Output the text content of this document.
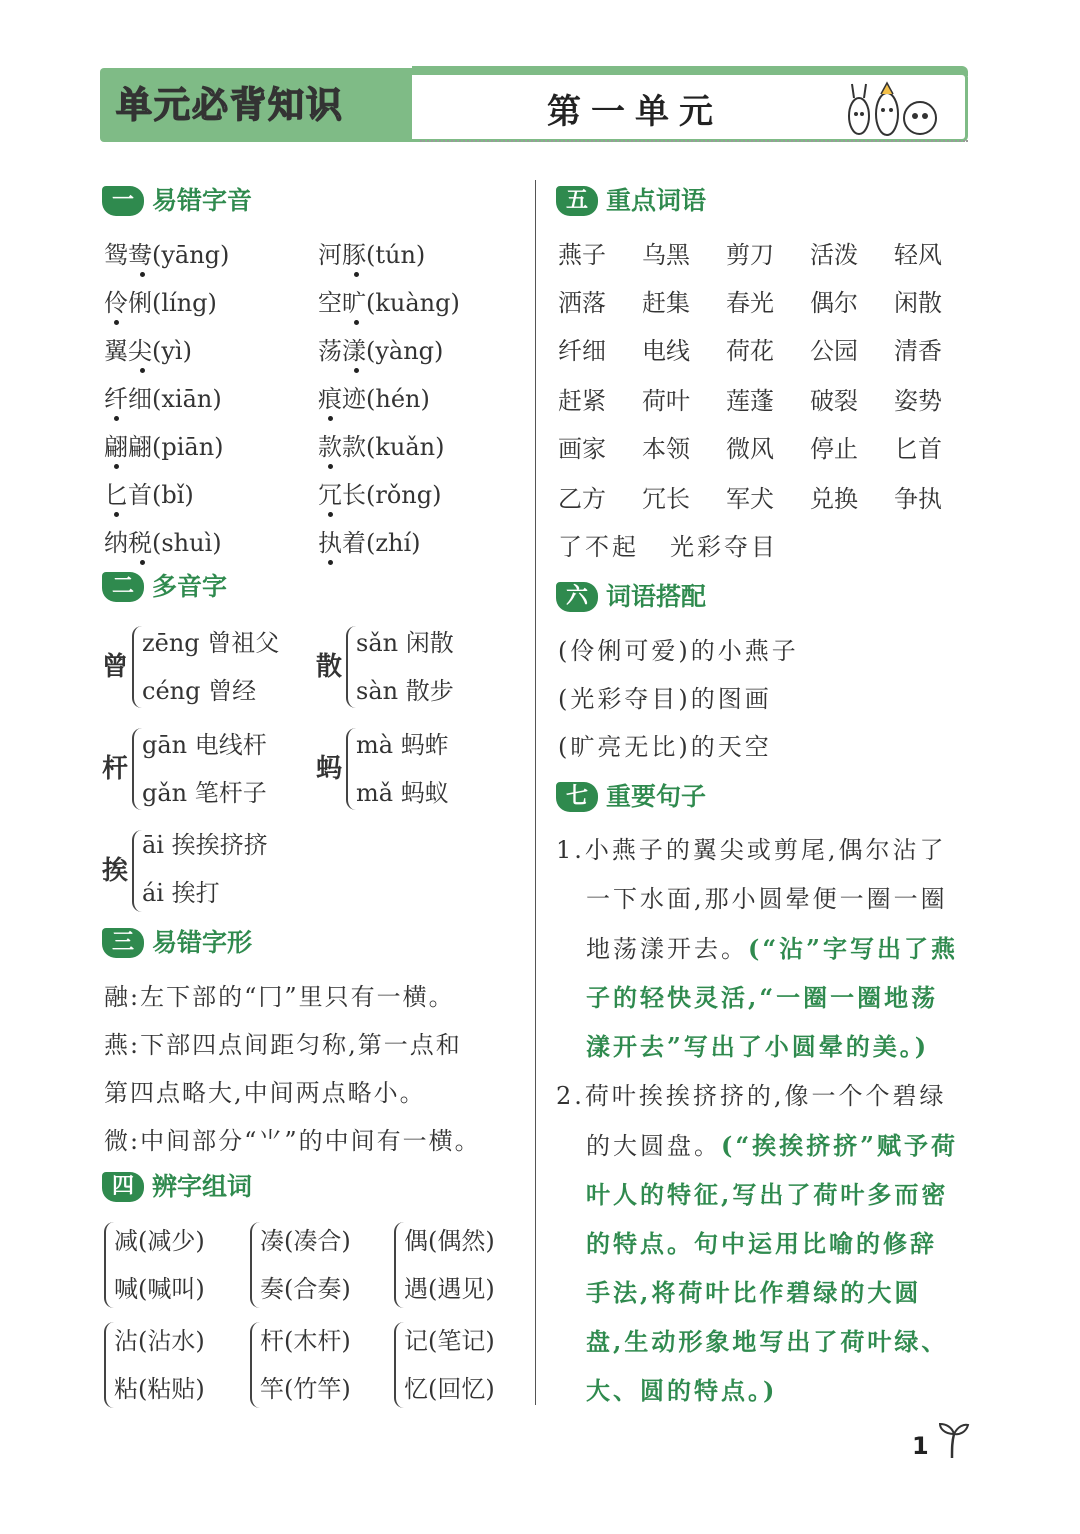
单元必背知识	第一单元
一 易错字音
鸳鸯(yāng)
伶俐(líng)
翼尖(yì)
纤细(xiān)
翩翩(piān)
匕首(bǐ)
纳税(shuì)
河豚(tún)
空旷(kuàng)
荡漾(yàng)
痕迹(hén)
款款(kuǎn)
冗长(rǒng)
执着(zhí)
二 多音字
曾
zēng 曾祖父
céng 曾经
散
sǎn 闲散
sàn 散步
杆
gān 电线杆
gǎn 笔杆子
蚂
mà 蚂蚱
mǎ 蚂蚁
挨
āi 挨挨挤挤
ái 挨打
三 易错字形
融:左下部的“冂”里只有一横。
燕:下部四点间距匀称,第一点和
第四点略大,中间两点略小。
微:中间部分“⺌”的中间有一横。
四 辨字组词
减(减少)
喊(喊叫)
凑(凑合)
奏(合奏)
偶(偶然)
遇(遇见)
沾(沾水)
粘(粘贴)
杆(木杆)
竿(竹竿)
记(笔记)
忆(回忆)
五 重点词语
燕子 乌黑 剪刀 活泼 轻风
洒落 赶集 春光 偶尔 闲散
纤细 电线 荷花 公园 清香
赶紧 荷叶 莲蓬 破裂 姿势
画家 本领 微风 停止 匕首
乙方 冗长 军犬 兑换 争执
了不起 光彩夺目
六 词语搭配
(伶俐可爱)的小燕子
(光彩夺目)的图画
(旷亮无比)的天空
七 重要句子
1.小燕子的翼尖或剪尾,偶尔沾了
一下水面,那小圆晕便一圈一圈
地荡漾开去。(“沾”字写出了燕
子的轻快灵活,“一圈一圈地荡
漾开去”写出了小圆晕的美。)
2.荷叶挨挨挤挤的,像一个个碧绿
的大圆盘。(“挨挨挤挤”赋予荷
叶人的特征,写出了荷叶多而密
的特点。句中运用比喻的修辞
手法,将荷叶比作碧绿的大圆
盘,生动形象地写出了荷叶绿、
大、圆的特点。)
1
